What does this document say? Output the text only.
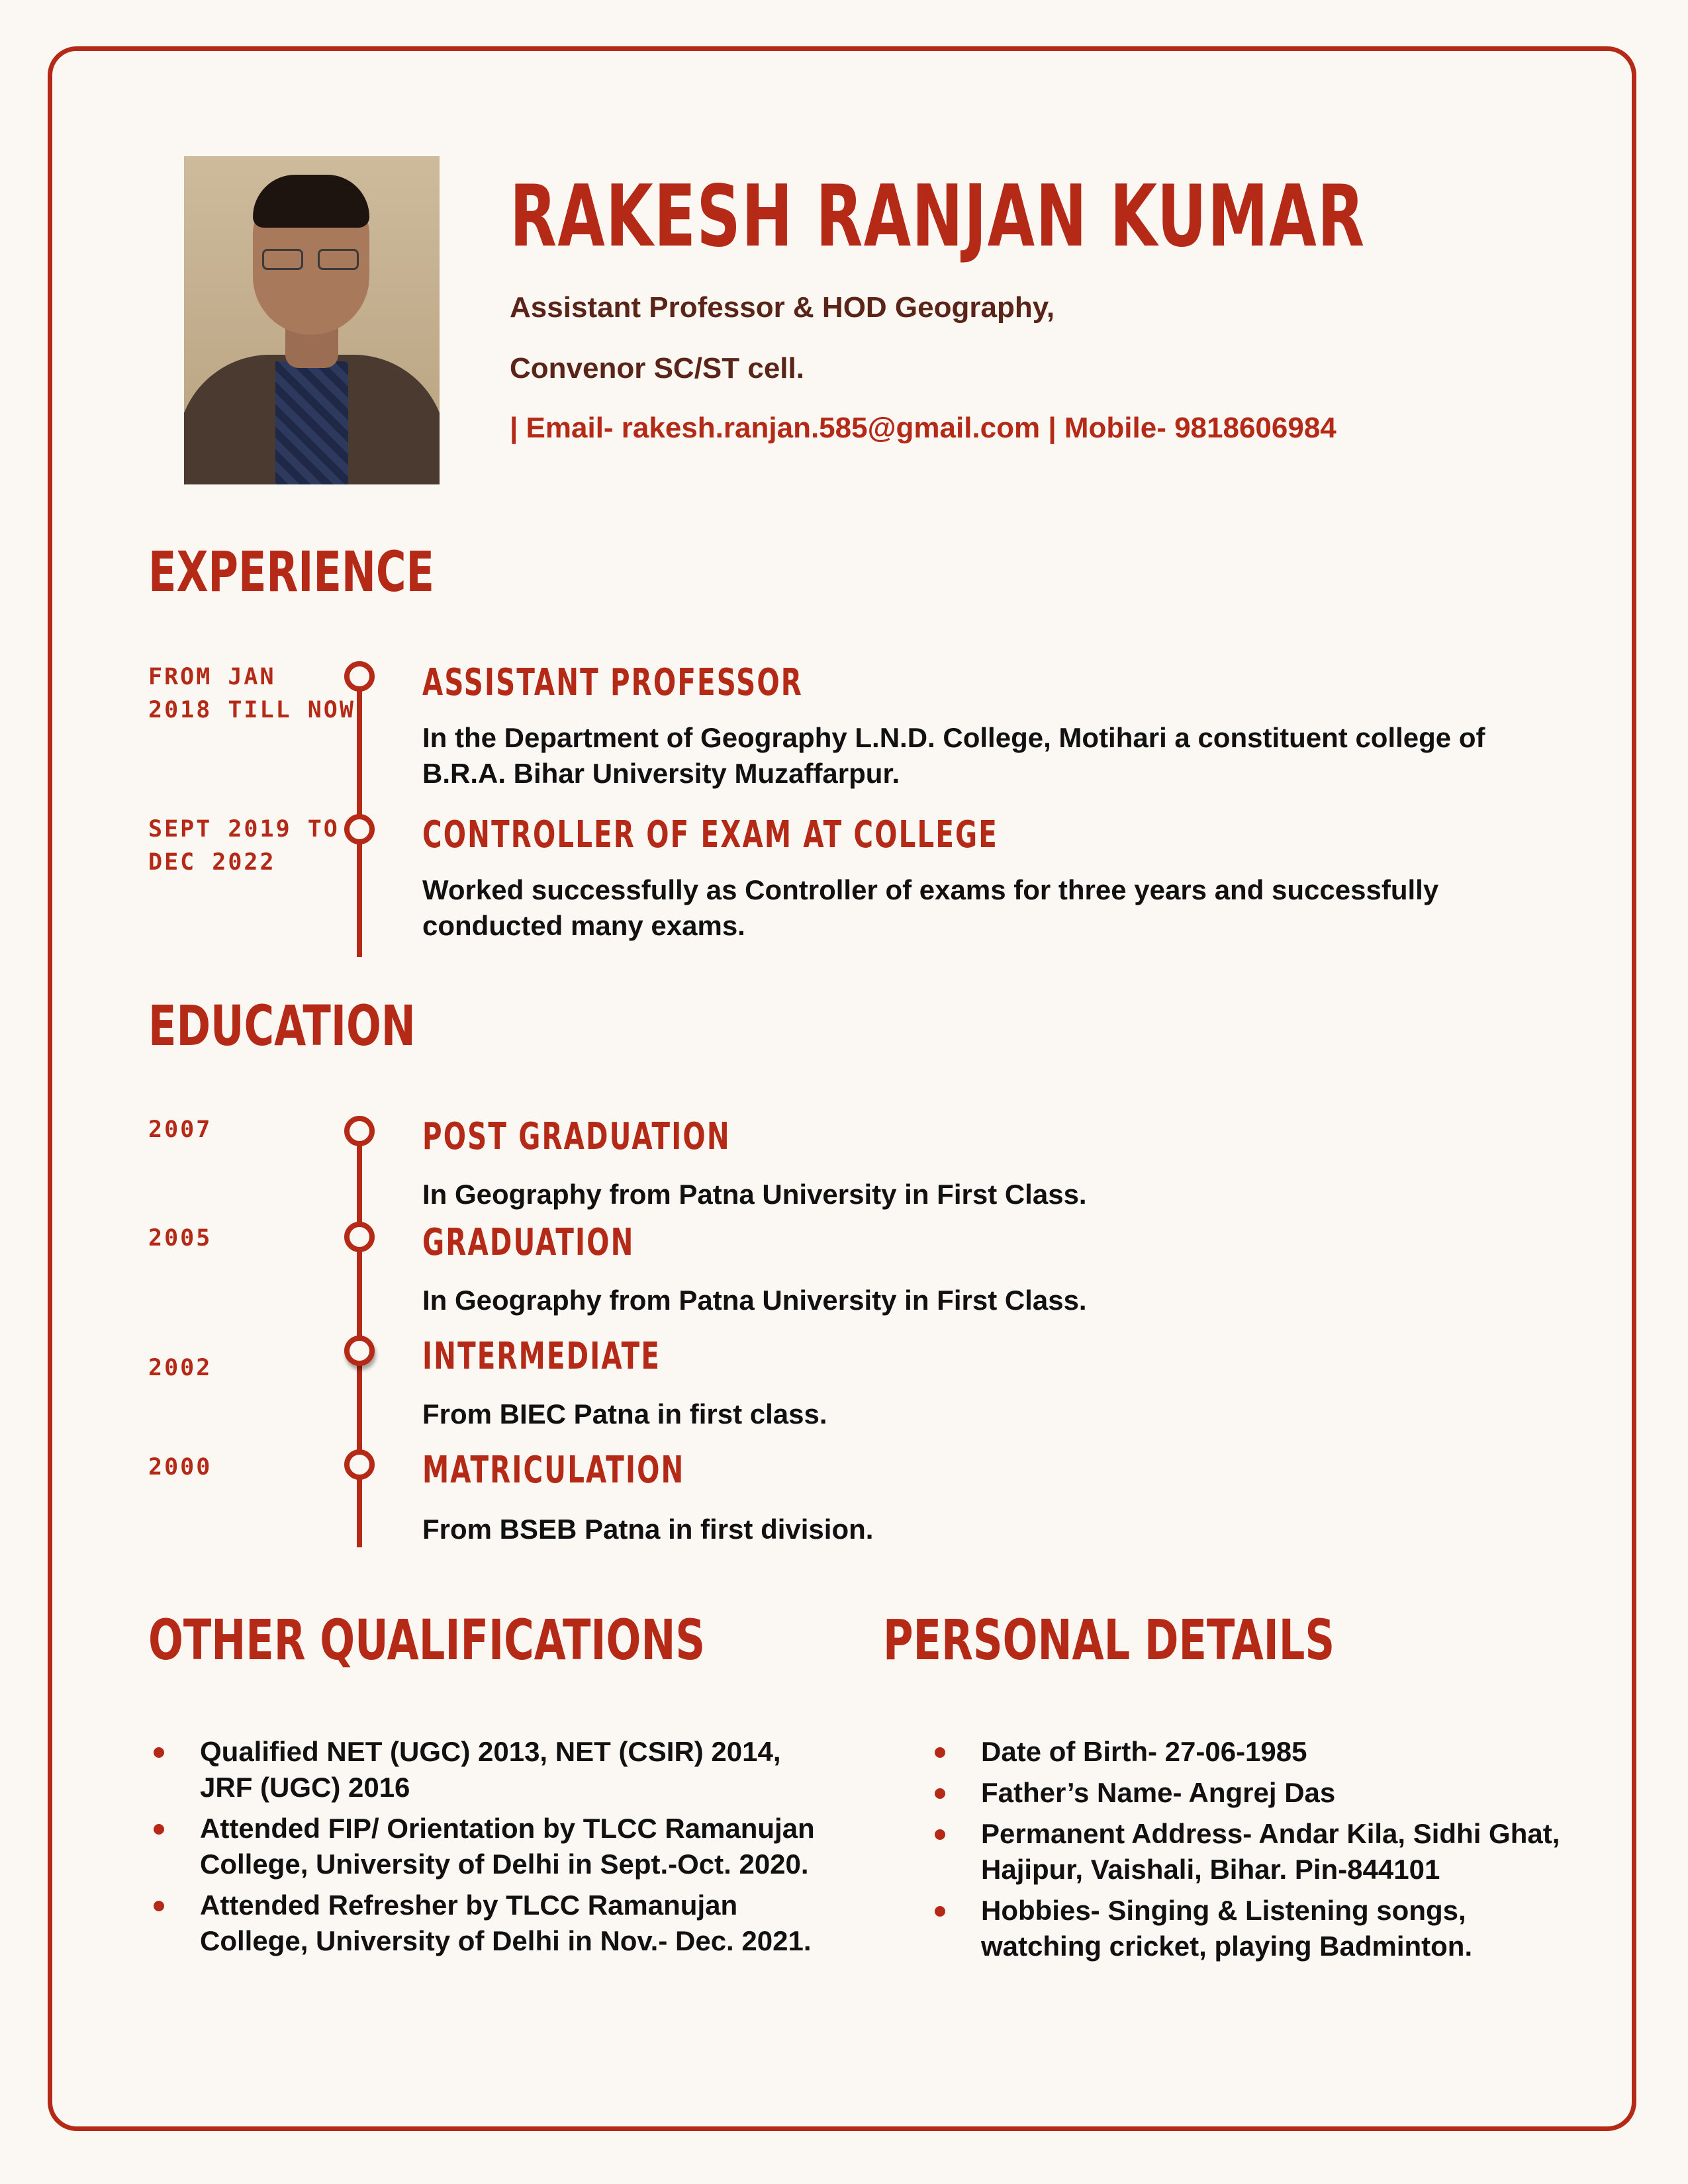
RAKESH RANJAN KUMAR
Assistant Professor & HOD Geography,
Convenor SC/ST cell.
| Email- rakesh.ranjan.585@gmail.com | Mobile- 9818606984
EXPERIENCE
FROM JAN
2018 TILL NOW
ASSISTANT PROFESSOR
In the Department of Geography L.N.D. College, Motihari a constituent college of B.R.A. Bihar University Muzaffarpur.
SEPT 2019 TO
DEC 2022
CONTROLLER OF EXAM AT COLLEGE
Worked successfully as Controller of exams for three years and successfully conducted many exams.
EDUCATION
2007	POST GRADUATION
In Geography from Patna University in First Class.
2005	GRADUATION
In Geography from Patna University in First Class.
2002	INTERMEDIATE
From BIEC Patna in first class.
2000	MATRICULATION
From BSEB Patna in first division.
OTHER QUALIFICATIONS
Qualified NET (UGC) 2013, NET (CSIR) 2014, JRF (UGC) 2016
Attended FIP/ Orientation by TLCC Ramanujan College, University of Delhi in Sept.-Oct. 2020.
Attended Refresher by TLCC Ramanujan College, University of Delhi in Nov.- Dec. 2021.
PERSONAL DETAILS
Date of Birth- 27-06-1985
Father’s Name- Angrej Das
Permanent Address- Andar Kila, Sidhi Ghat, Hajipur, Vaishali, Bihar. Pin-844101
Hobbies- Singing & Listening songs, watching cricket, playing Badminton.
